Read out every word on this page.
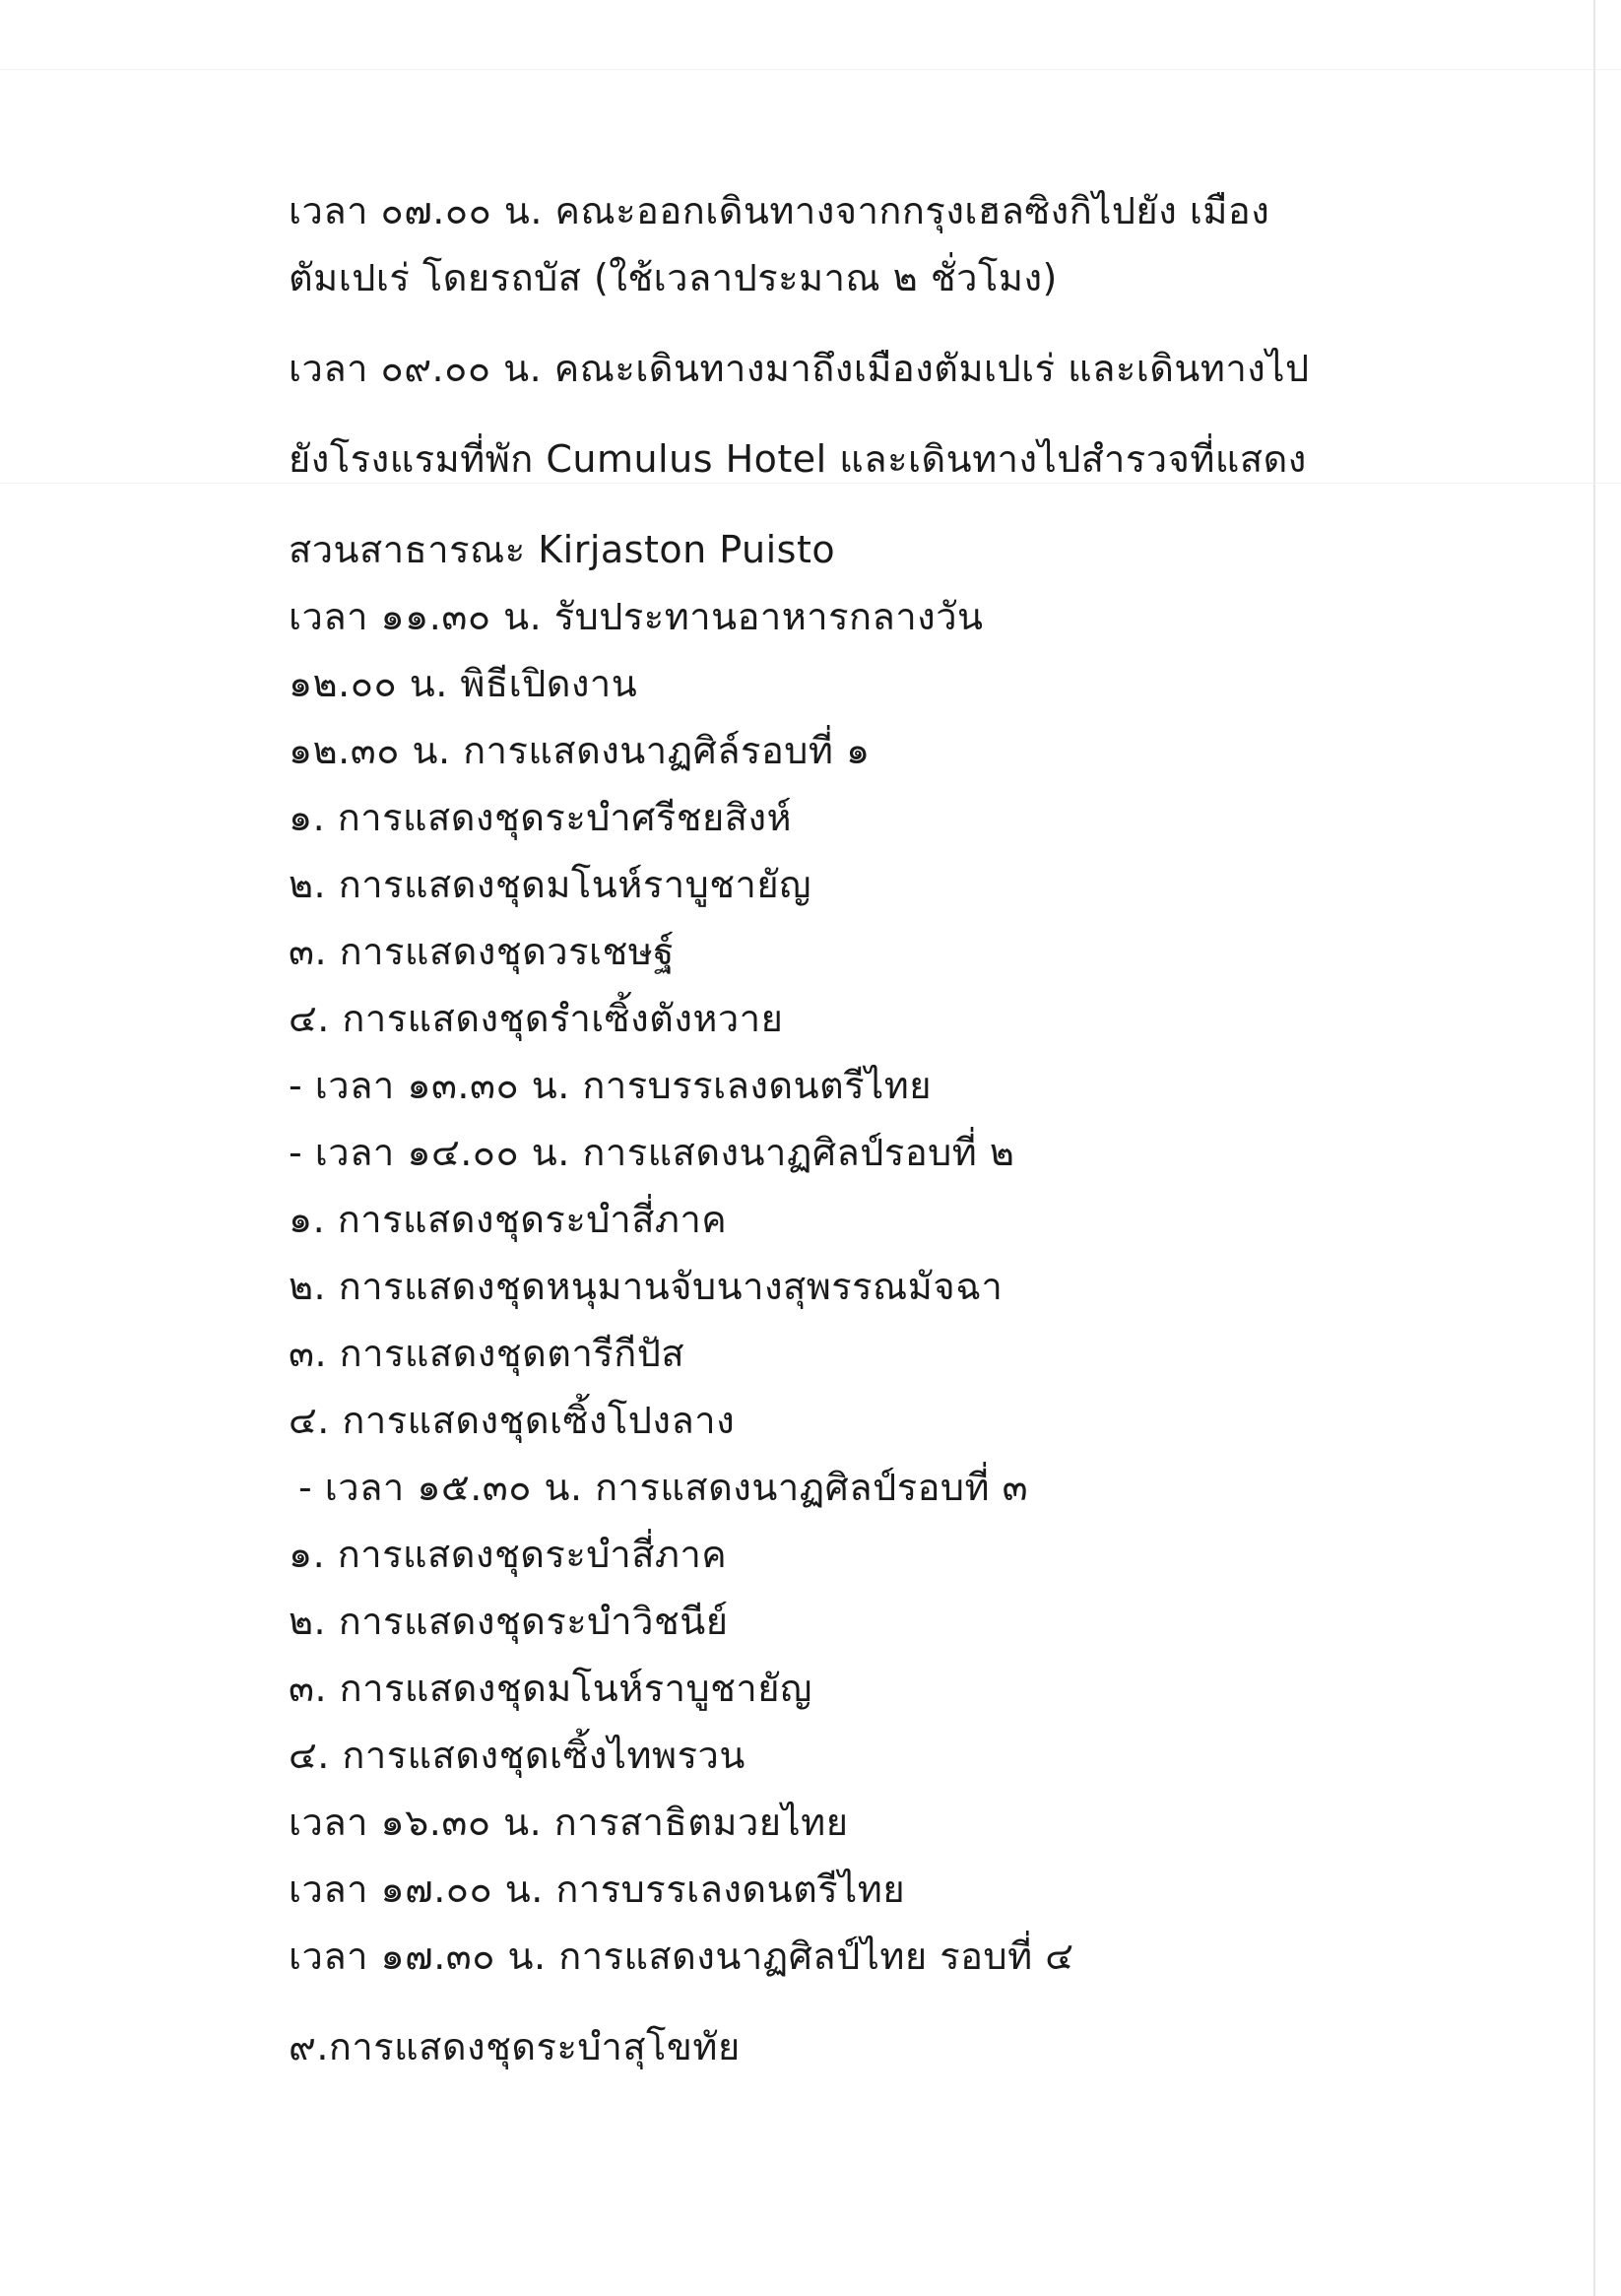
เวลา ๐๗.๐๐ น. คณะออกเดินทางจากกรุงเฮลซิงกิไปยัง เมือง
ตัมเปเร่ โดยรถบัส (ใช้เวลาประมาณ ๒ ชั่วโมง)
เวลา ๐๙.๐๐ น. คณะเดินทางมาถึงเมืองตัมเปเร่ และเดินทางไป
ยังโรงแรมที่พัก Cumulus Hotel และเดินทางไปสำรวจที่แสดง
สวนสาธารณะ Kirjaston Puisto
เวลา ๑๑.๓๐ น. รับประทานอาหารกลางวัน
๑๒.๐๐ น. พิธีเปิดงาน
๑๒.๓๐ น. การแสดงนาฏศิล์รอบที่ ๑
๑. การแสดงชุดระบำศรีชยสิงห์
๒. การแสดงชุดมโนห์ราบูชายัญ
๓. การแสดงชุดวรเชษฐ์
๔. การแสดงชุดรำเซิ้งตังหวาย
- เวลา ๑๓.๓๐ น. การบรรเลงดนตรีไทย
- เวลา ๑๔.๐๐ น. การแสดงนาฏศิลป์รอบที่ ๒
๑. การแสดงชุดระบำสี่ภาค
๒. การแสดงชุดหนุมานจับนางสุพรรณมัจฉา
๓. การแสดงชุดตารีกีปัส
๔. การแสดงชุดเซิ้งโปงลาง
- เวลา ๑๕.๓๐ น. การแสดงนาฏศิลป์รอบที่ ๓
๑. การแสดงชุดระบำสี่ภาค
๒. การแสดงชุดระบำวิชนีย์
๓. การแสดงชุดมโนห์ราบูชายัญ
๔. การแสดงชุดเซิ้งไทพรวน
เวลา ๑๖.๓๐ น. การสาธิตมวยไทย
เวลา ๑๗.๐๐ น. การบรรเลงดนตรีไทย
เวลา ๑๗.๓๐ น. การแสดงนาฏศิลป์ไทย รอบที่ ๔
๙.การแสดงชุดระบำสุโขทัย
